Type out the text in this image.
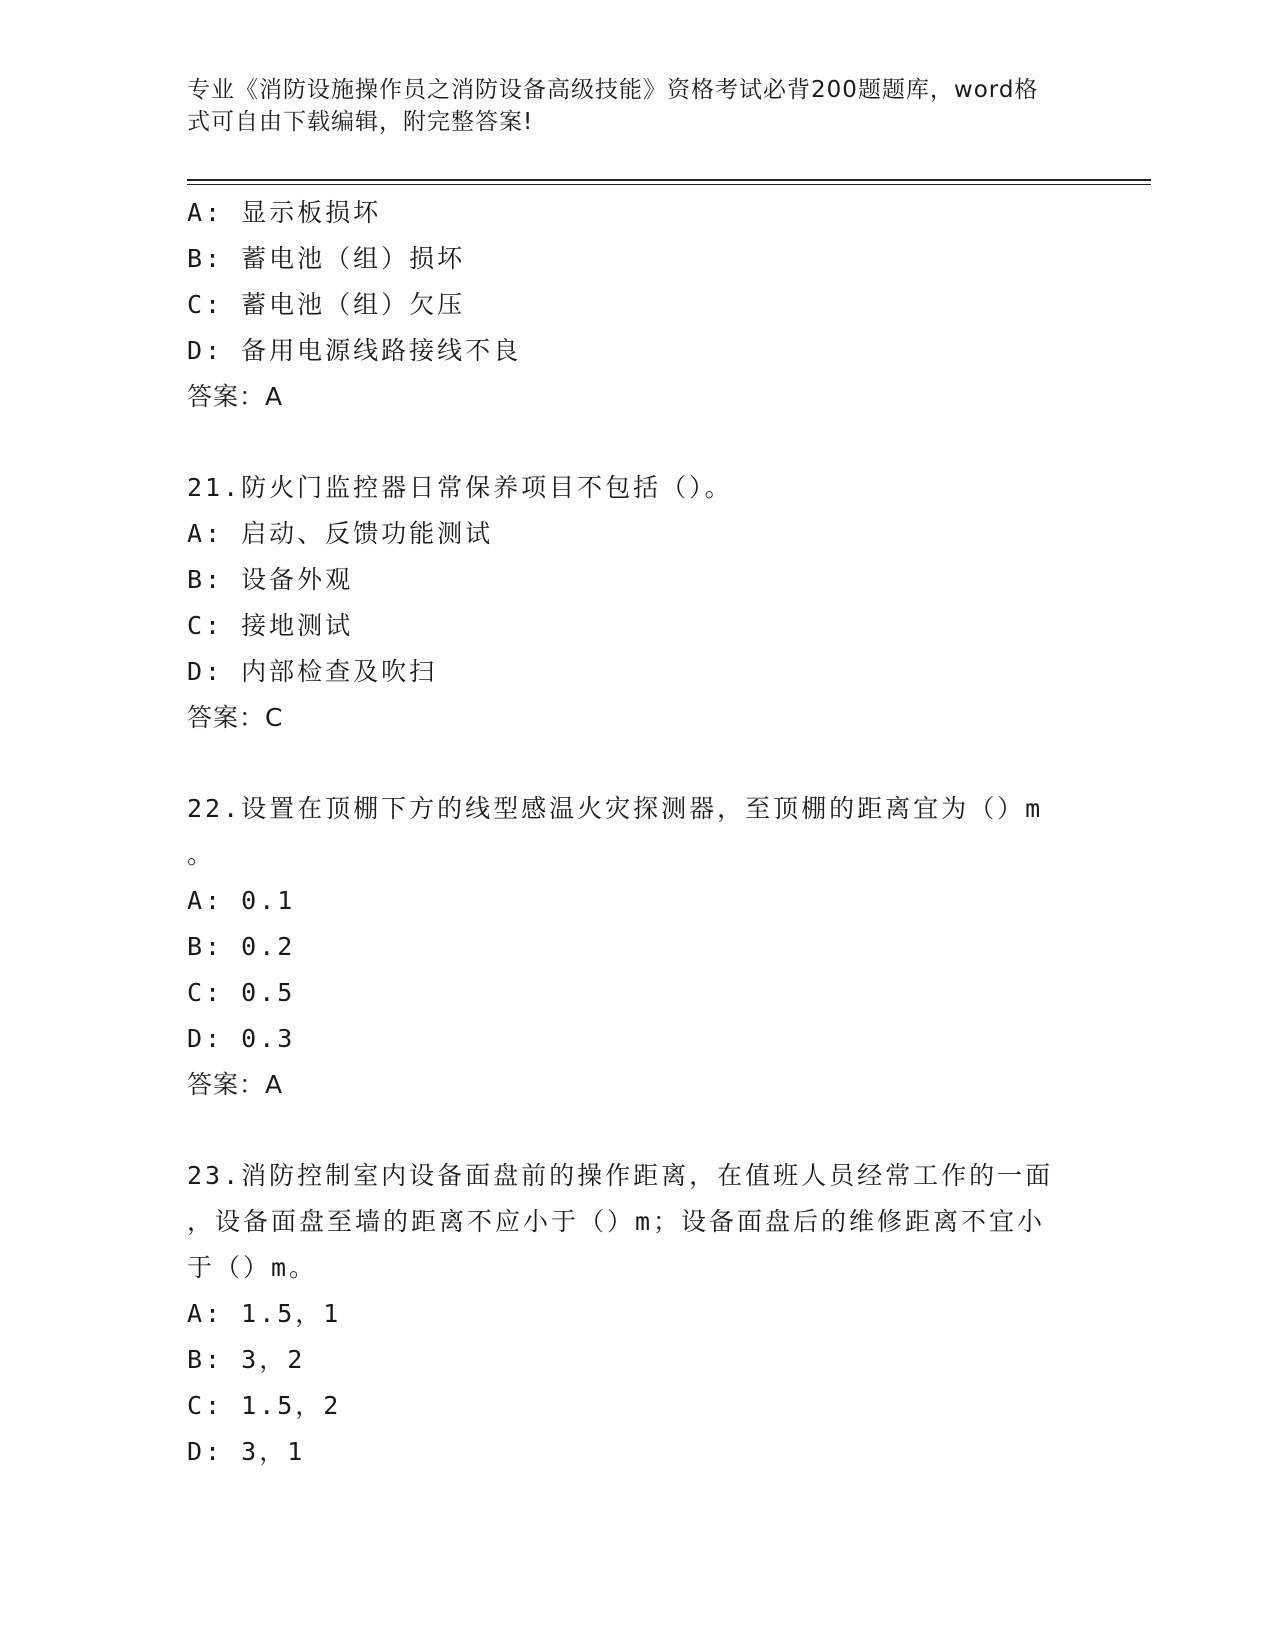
专业《消防设施操作员之消防设备高级技能》资格考试必背200题题库，word格
式可自由下载编辑，附完整答案!
A: 显示板损坏
B: 蓄电池（组）损坏
C: 蓄电池（组）欠压
D: 备用电源线路接线不良
答案：A
21.防火门监控器日常保养项目不包括（）。
A: 启动、反馈功能测试
B: 设备外观
C: 接地测试
D: 内部检查及吹扫
答案：C
22.设置在顶棚下方的线型感温火灾探测器，至顶棚的距离宜为（）m
。
A: 0.1
B: 0.2
C: 0.5
D: 0.3
答案：A
23.消防控制室内设备面盘前的操作距离，在值班人员经常工作的一面
，设备面盘至墙的距离不应小于（）m；设备面盘后的维修距离不宜小
于（）m。
A: 1.5，1
B: 3，2
C: 1.5，2
D: 3，1
